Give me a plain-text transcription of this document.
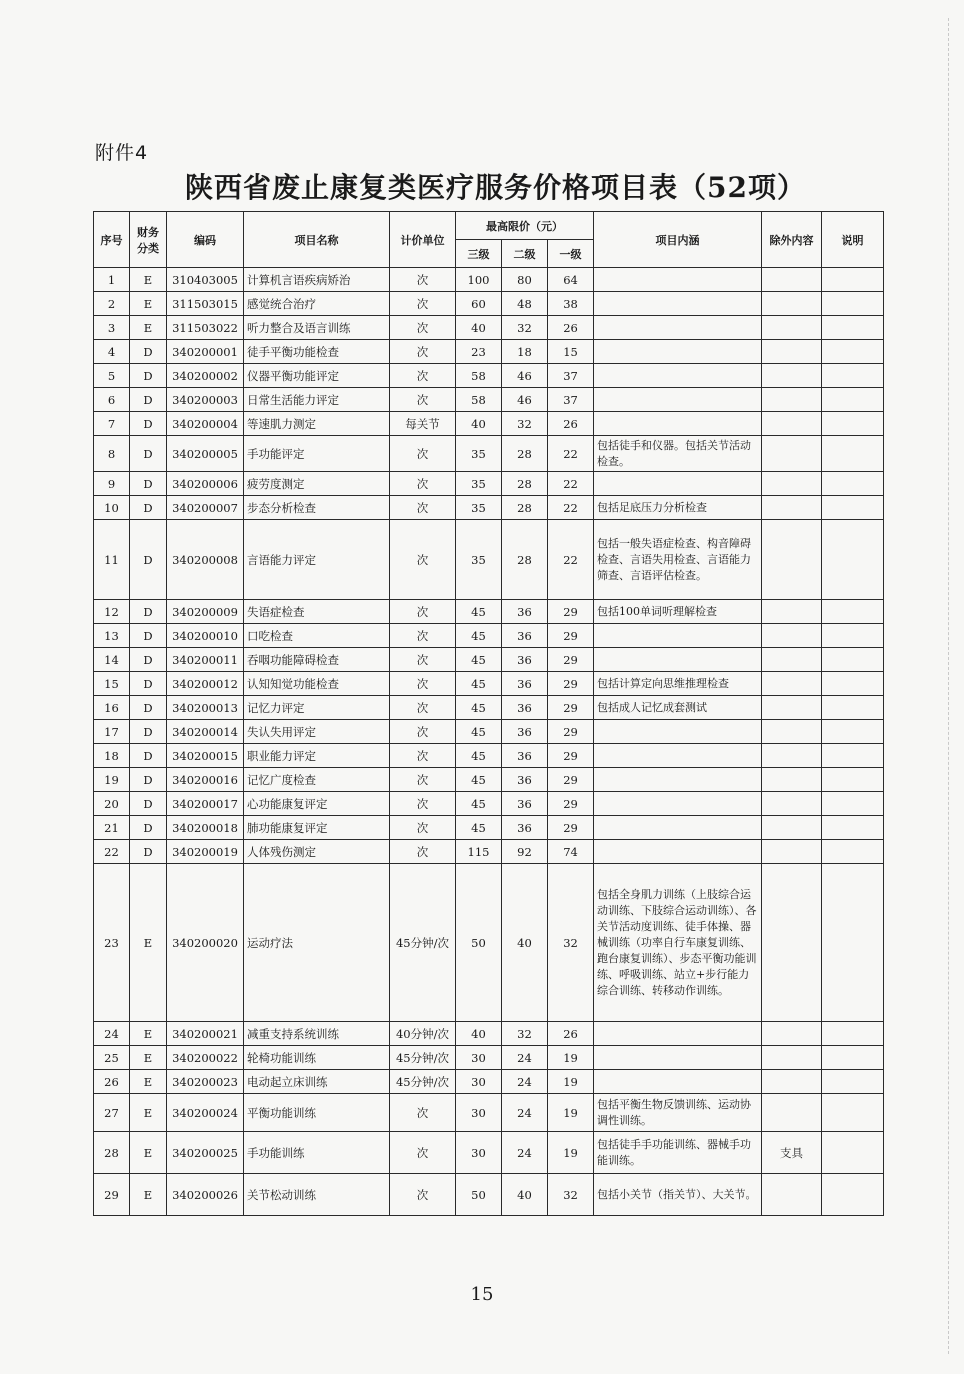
附件4
陕西省废止康复类医疗服务价格项目表（52项）
序号	财务分类	编码	项目名称	计价单位	最高限价（元）			项目内涵	除外内容	说明
					三级	二级	一级			
1	E	310403005	计算机言语疾病矫治	次	100	80	64			
2	E	311503015	感觉统合治疗	次	60	48	38			
3	E	311503022	听力整合及语言训练	次	40	32	26			
4	D	340200001	徒手平衡功能检查	次	23	18	15			
5	D	340200002	仪器平衡功能评定	次	58	46	37			
6	D	340200003	日常生活能力评定	次	58	46	37			
7	D	340200004	等速肌力测定	每关节	40	32	26			
8	D	340200005	手功能评定	次	35	28	22	包括徒手和仪器。包括关节活动检查。		
9	D	340200006	疲劳度测定	次	35	28	22			
10	D	340200007	步态分析检查	次	35	28	22	包括足底压力分析检查		
11	D	340200008	言语能力评定	次	35	28	22	包括一般失语症检查、构音障碍检查、言语失用检查、言语能力筛查、言语评估检查。		
12	D	340200009	失语症检查	次	45	36	29	包括100单词听理解检查		
13	D	340200010	口吃检查	次	45	36	29			
14	D	340200011	吞咽功能障碍检查	次	45	36	29			
15	D	340200012	认知知觉功能检查	次	45	36	29	包括计算定向思维推理检查		
16	D	340200013	记忆力评定	次	45	36	29	包括成人记忆成套测试		
17	D	340200014	失认失用评定	次	45	36	29			
18	D	340200015	职业能力评定	次	45	36	29			
19	D	340200016	记忆广度检查	次	45	36	29			
20	D	340200017	心功能康复评定	次	45	36	29			
21	D	340200018	肺功能康复评定	次	45	36	29			
22	D	340200019	人体残伤测定	次	115	92	74			
23	E	340200020	运动疗法	45分钟/次	50	40	32	包括全身肌力训练（上肢综合运动训练、下肢综合运动训练）、各关节活动度训练、徒手体操、器械训练（功率自行车康复训练、跑台康复训练）、步态平衡功能训练、呼吸训练、站立+步行能力综合训练、转移动作训练。		
24	E	340200021	减重支持系统训练	40分钟/次	40	32	26			
25	E	340200022	轮椅功能训练	45分钟/次	30	24	19			
26	E	340200023	电动起立床训练	45分钟/次	30	24	19			
27	E	340200024	平衡功能训练	次	30	24	19	包括平衡生物反馈训练、运动协调性训练。		
28	E	340200025	手功能训练	次	30	24	19	包括徒手手功能训练、器械手功能训练。	支具	
29	E	340200026	关节松动训练	次	50	40	32	包括小关节（指关节）、大关节。		
15
